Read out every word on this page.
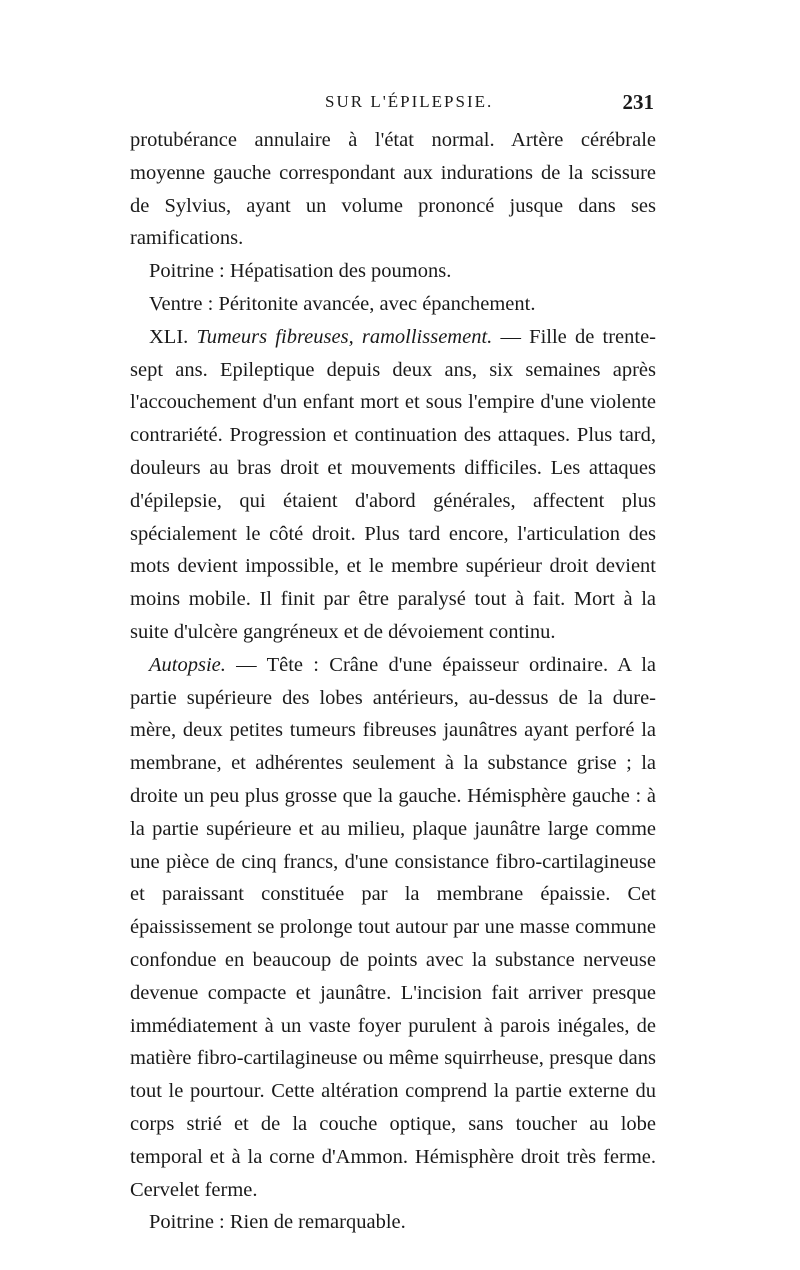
SUR L'ÉPILEPSIE.	231

protubérance annulaire à l'état normal. Artère cérébrale moyenne gauche correspondant aux indurations de la scissure de Sylvius, ayant un volume prononcé jusque dans ses ramifications.

Poitrine : Hépatisation des poumons.

Ventre : Péritonite avancée, avec épanchement.

XLI. Tumeurs fibreuses, ramollissement. — Fille de trente-sept ans. Epileptique depuis deux ans, six semaines après l'accouchement d'un enfant mort et sous l'empire d'une violente contrariété. Progression et continuation des attaques. Plus tard, douleurs au bras droit et mouvements difficiles. Les attaques d'épilepsie, qui étaient d'abord générales, affectent plus spécialement le côté droit. Plus tard encore, l'articulation des mots devient impossible, et le membre supérieur droit devient moins mobile. Il finit par être paralysé tout à fait. Mort à la suite d'ulcère gangréneux et de dévoiement continu.

Autopsie. — Tête : Crâne d'une épaisseur ordinaire. A la partie supérieure des lobes antérieurs, au-dessus de la dure-mère, deux petites tumeurs fibreuses jaunâtres ayant perforé la membrane, et adhérentes seulement à la substance grise ; la droite un peu plus grosse que la gauche. Hémisphère gauche : à la partie supérieure et au milieu, plaque jaunâtre large comme une pièce de cinq francs, d'une consistance fibro-cartilagineuse et paraissant constituée par la membrane épaissie. Cet épaississement se prolonge tout autour par une masse commune confondue en beaucoup de points avec la substance nerveuse devenue compacte et jaunâtre. L'incision fait arriver presque immédiatement à un vaste foyer purulent à parois inégales, de matière fibro-cartilagineuse ou même squirrheuse, presque dans tout le pourtour. Cette altération comprend la partie externe du corps strié et de la couche optique, sans toucher au lobe temporal et à la corne d'Ammon. Hémisphère droit très ferme. Cervelet ferme.

Poitrine : Rien de remarquable.
